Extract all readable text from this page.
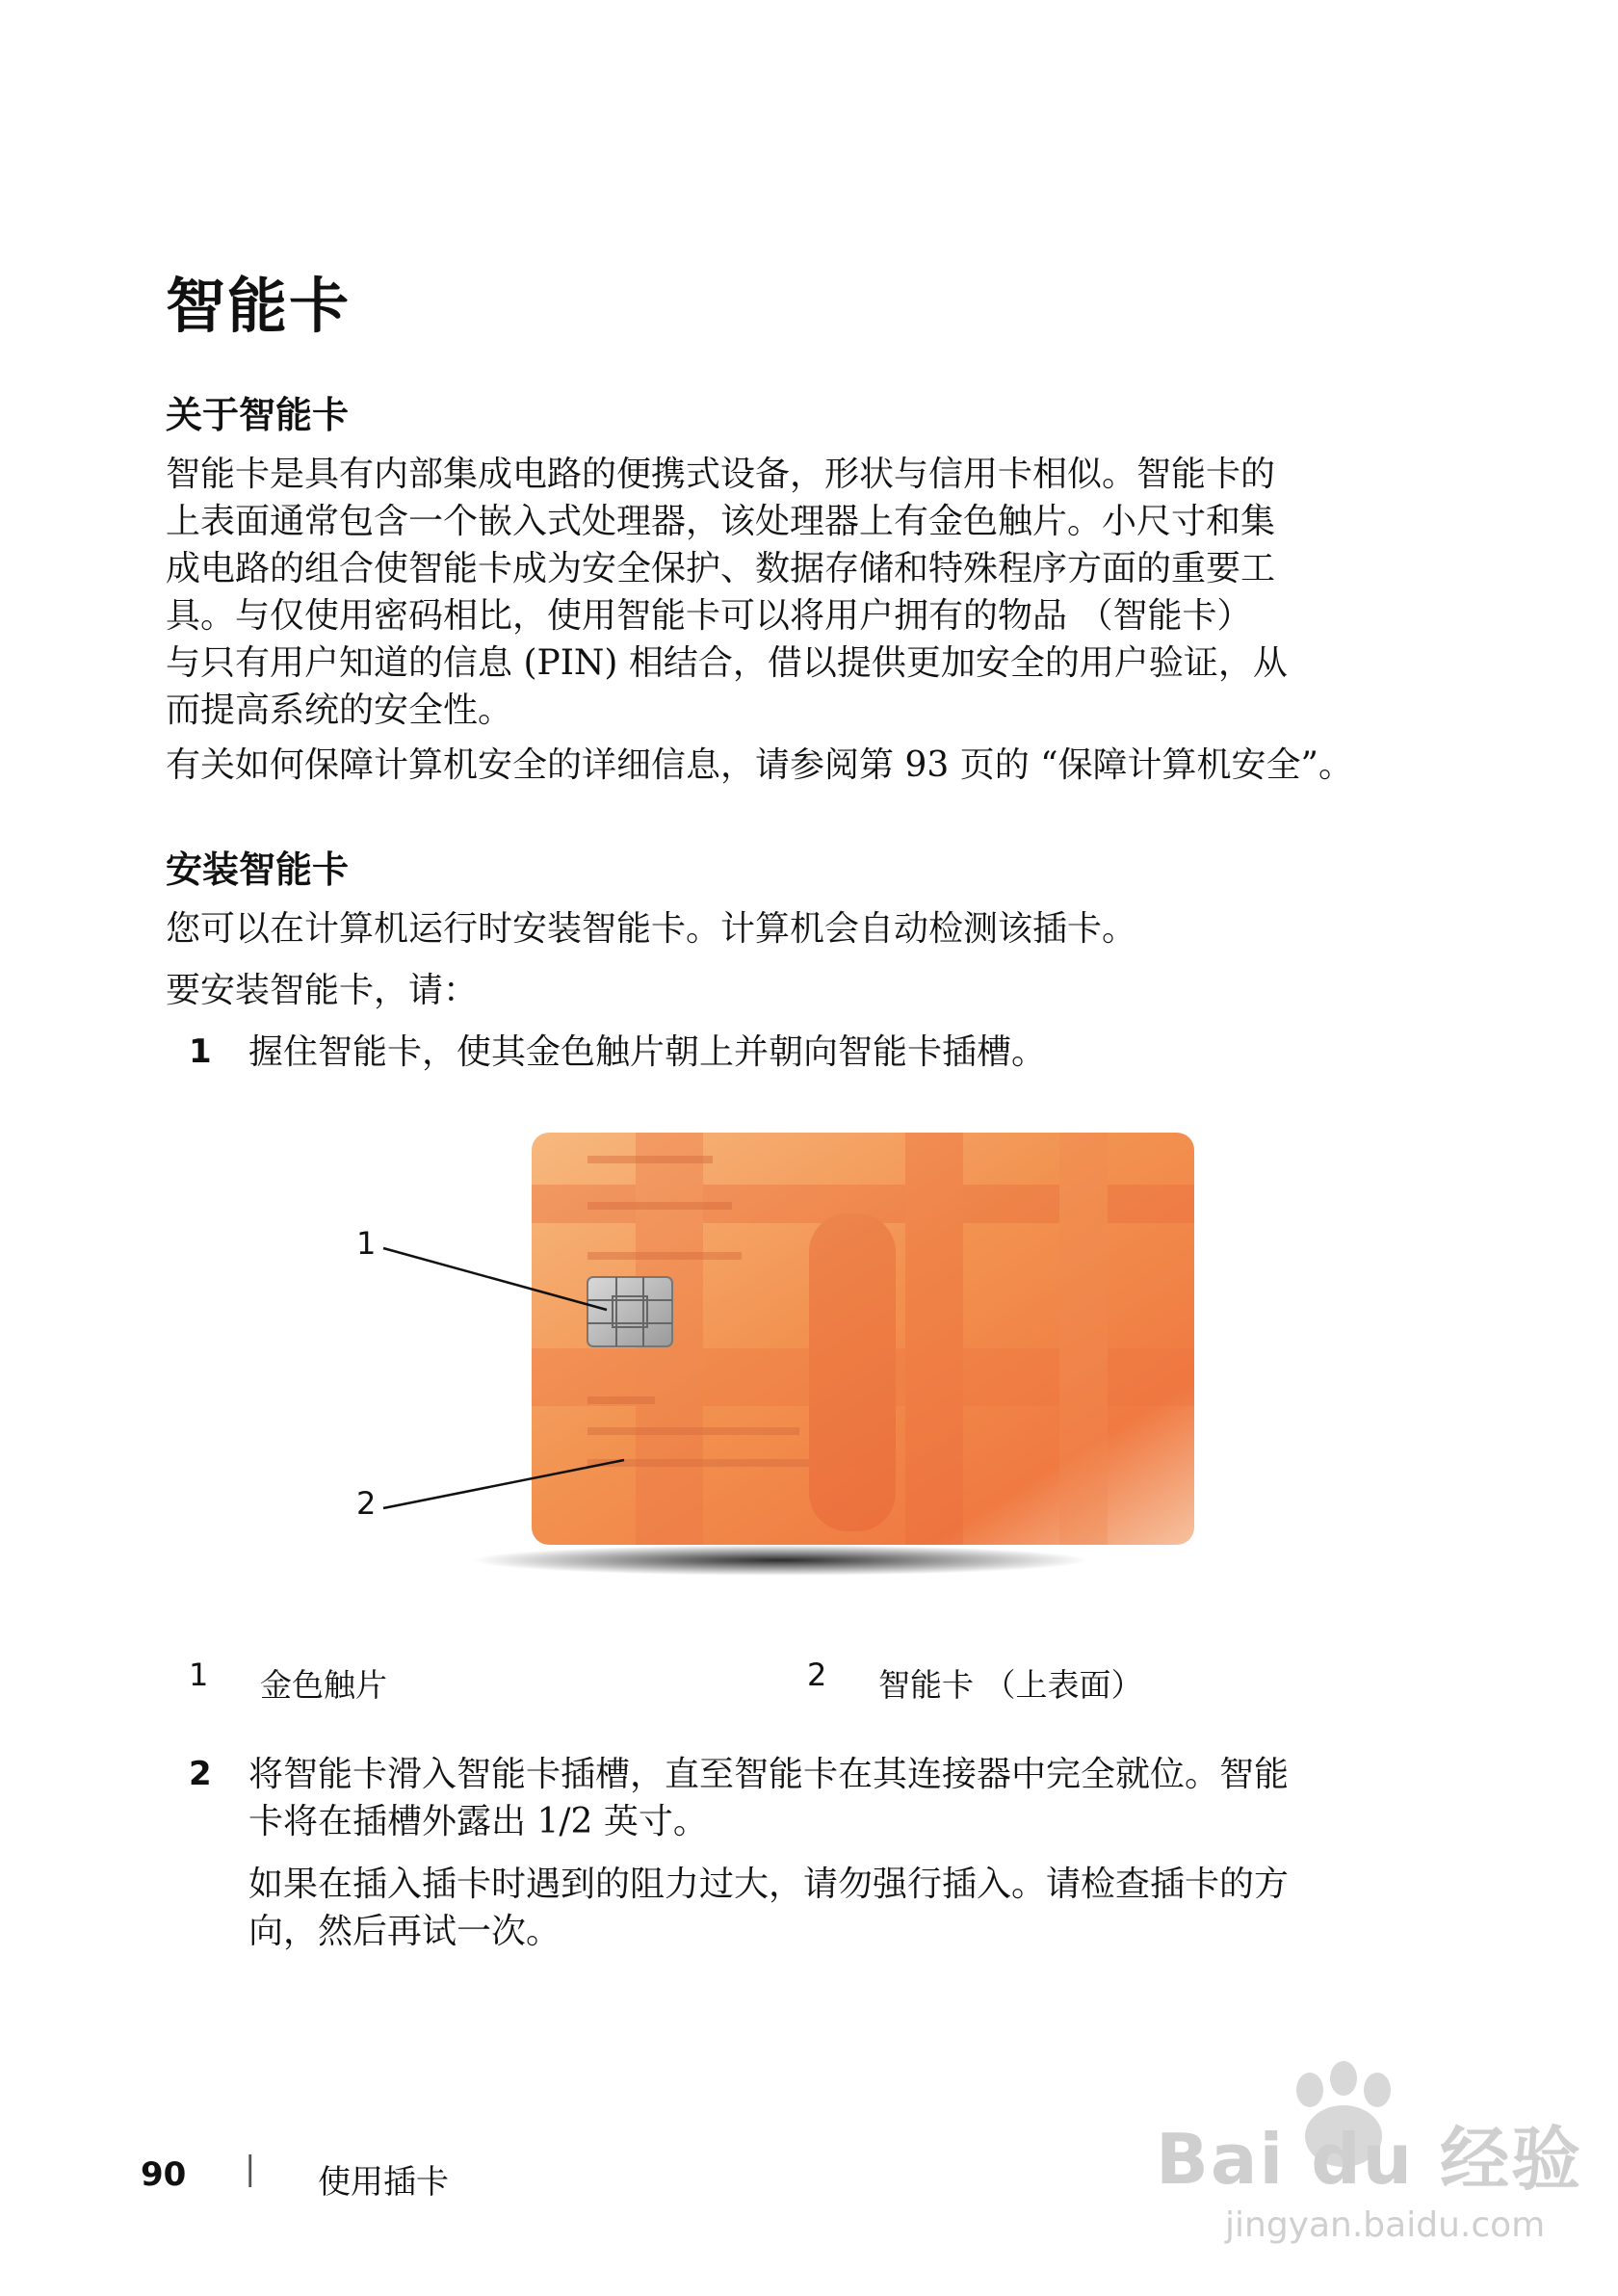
智能卡
关于智能卡
智能卡是具有内部集成电路的便携式设备，形状与信用卡相似。智能卡的
上表面通常包含一个嵌入式处理器，该处理器上有金色触片。小尺寸和集
成电路的组合使智能卡成为安全保护、数据存储和特殊程序方面的重要工
具。与仅使用密码相比，使用智能卡可以将用户拥有的物品 （智能卡）
与只有用户知道的信息 (PIN) 相结合，借以提供更加安全的用户验证，从
而提高系统的安全性。
有关如何保障计算机安全的详细信息，请参阅第 93 页的 “保障计算机安全”。
安装智能卡
您可以在计算机运行时安装智能卡。计算机会自动检测该插卡。
要安装智能卡，请：
1 握住智能卡，使其金色触片朝上并朝向智能卡插槽。
1
2
1 金色触片	2 智能卡 （上表面）
2 将智能卡滑入智能卡插槽，直至智能卡在其连接器中完全就位。智能
卡将在插槽外露出 1/2 英寸。
如果在插入插卡时遇到的阻力过大，请勿强行插入。请检查插卡的方
向，然后再试一次。
90 | 使用插卡	Bai du 经验
jingyan.baidu.com
